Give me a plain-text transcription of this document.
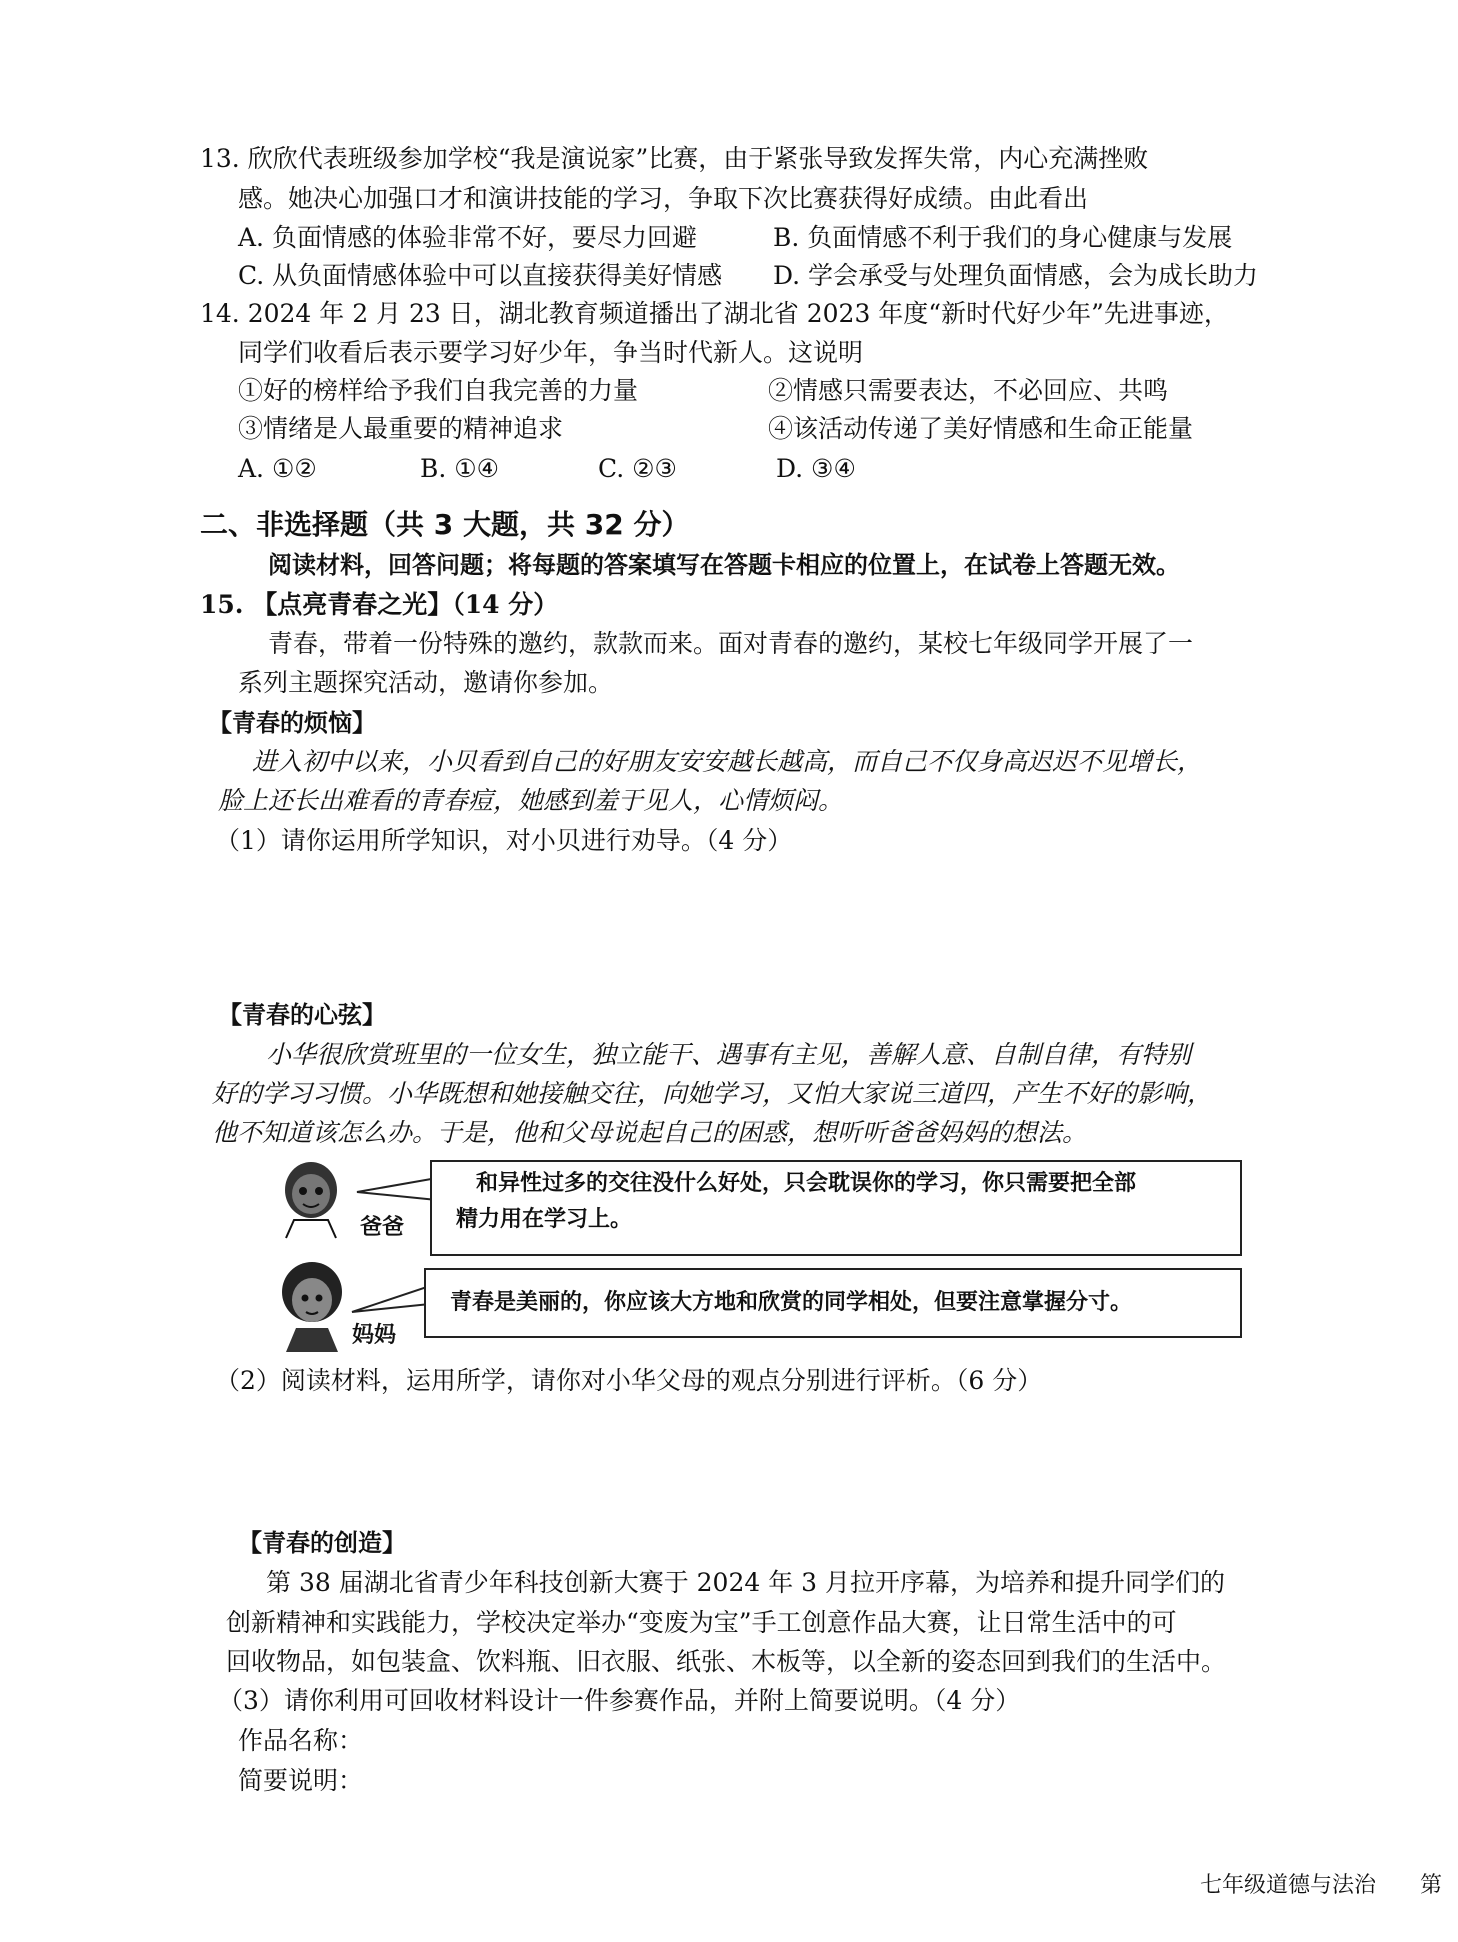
13. 欣欣代表班级参加学校“我是演说家”比赛，由于紧张导致发挥失常，内心充满挫败
感。她决心加强口才和演讲技能的学习，争取下次比赛获得好成绩。由此看出
A. 负面情感的体验非常不好，要尽力回避	B. 负面情感不利于我们的身心健康与发展
C. 从负面情感体验中可以直接获得美好情感 D. 学会承受与处理负面情感，会为成长助力
14. 2024 年 2 月 23 日，湖北教育频道播出了湖北省 2023 年度“新时代好少年”先进事迹，
同学们收看后表示要学习好少年，争当时代新人。这说明
①好的榜样给予我们自我完善的力量	②情感只需要表达，不必回应、共鸣
③情绪是人最重要的精神追求	④该活动传递了美好情感和生命正能量
A. ①②	B. ①④	C. ②③	D. ③④
二、非选择题（共 3 大题，共 32 分）
阅读材料，回答问题；将每题的答案填写在答题卡相应的位置上，在试卷上答题无效。
15. 【点亮青春之光】（14 分）
青春，带着一份特殊的邀约，款款而来。面对青春的邀约，某校七年级同学开展了一
系列主题探究活动，邀请你参加。
【青春的烦恼】
进入初中以来，小贝看到自己的好朋友安安越长越高，而自己不仅身高迟迟不见增长，
脸上还长出难看的青春痘，她感到羞于见人，心情烦闷。
（1）请你运用所学知识，对小贝进行劝导。（4 分）
【青春的心弦】
小华很欣赏班里的一位女生，独立能干、遇事有主见，善解人意、自制自律，有特别
好的学习习惯。小华既想和她接触交往，向她学习，又怕大家说三道四，产生不好的影响，
他不知道该怎么办。于是，他和父母说起自己的困惑，想听听爸爸妈妈的想法。
爸爸
和异性过多的交往没什么好处，只会耽误你的学习，你只需要把全部
精力用在学习上。
妈妈
青春是美丽的，你应该大方地和欣赏的同学相处，但要注意掌握分寸。
（2）阅读材料，运用所学，请你对小华父母的观点分别进行评析。（6 分）
【青春的创造】
第 38 届湖北省青少年科技创新大赛于 2024 年 3 月拉开序幕，为培养和提升同学们的
创新精神和实践能力，学校决定举办“变废为宝”手工创意作品大赛，让日常生活中的可
回收物品，如包装盒、饮料瓶、旧衣服、纸张、木板等，以全新的姿态回到我们的生活中。
（3）请你利用可回收材料设计一件参赛作品，并附上简要说明。（4 分）
作品名称：
简要说明：
七年级道德与法治 第
